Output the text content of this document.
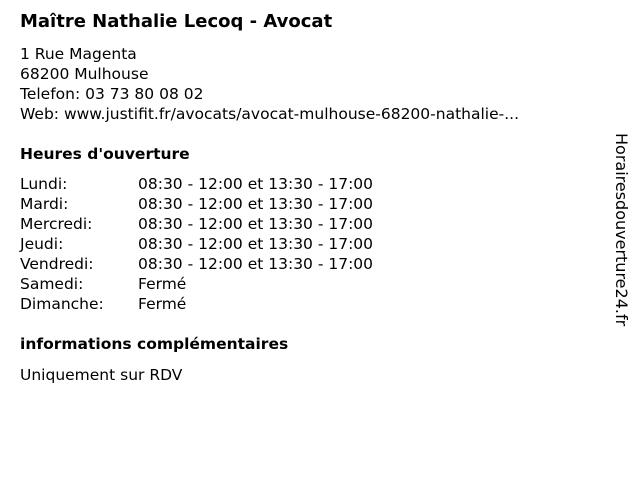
Maître Nathalie Lecoq - Avocat
1 Rue Magenta
68200 Mulhouse
Telefon: 03 73 80 08 02
Web: www.justifit.fr/avocats/avocat-mulhouse-68200-nathalie-...
Heures d'ouverture
Lundi:	08:30 - 12:00 et 13:30 - 17:00
Mardi:	08:30 - 12:00 et 13:30 - 17:00
Mercredi:	08:30 - 12:00 et 13:30 - 17:00
Jeudi:	08:30 - 12:00 et 13:30 - 17:00
Vendredi:	08:30 - 12:00 et 13:30 - 17:00
Samedi:	Fermé
Dimanche: Fermé
informations complémentaires
Uniquement sur RDV
Horairesdouverture24.fr
